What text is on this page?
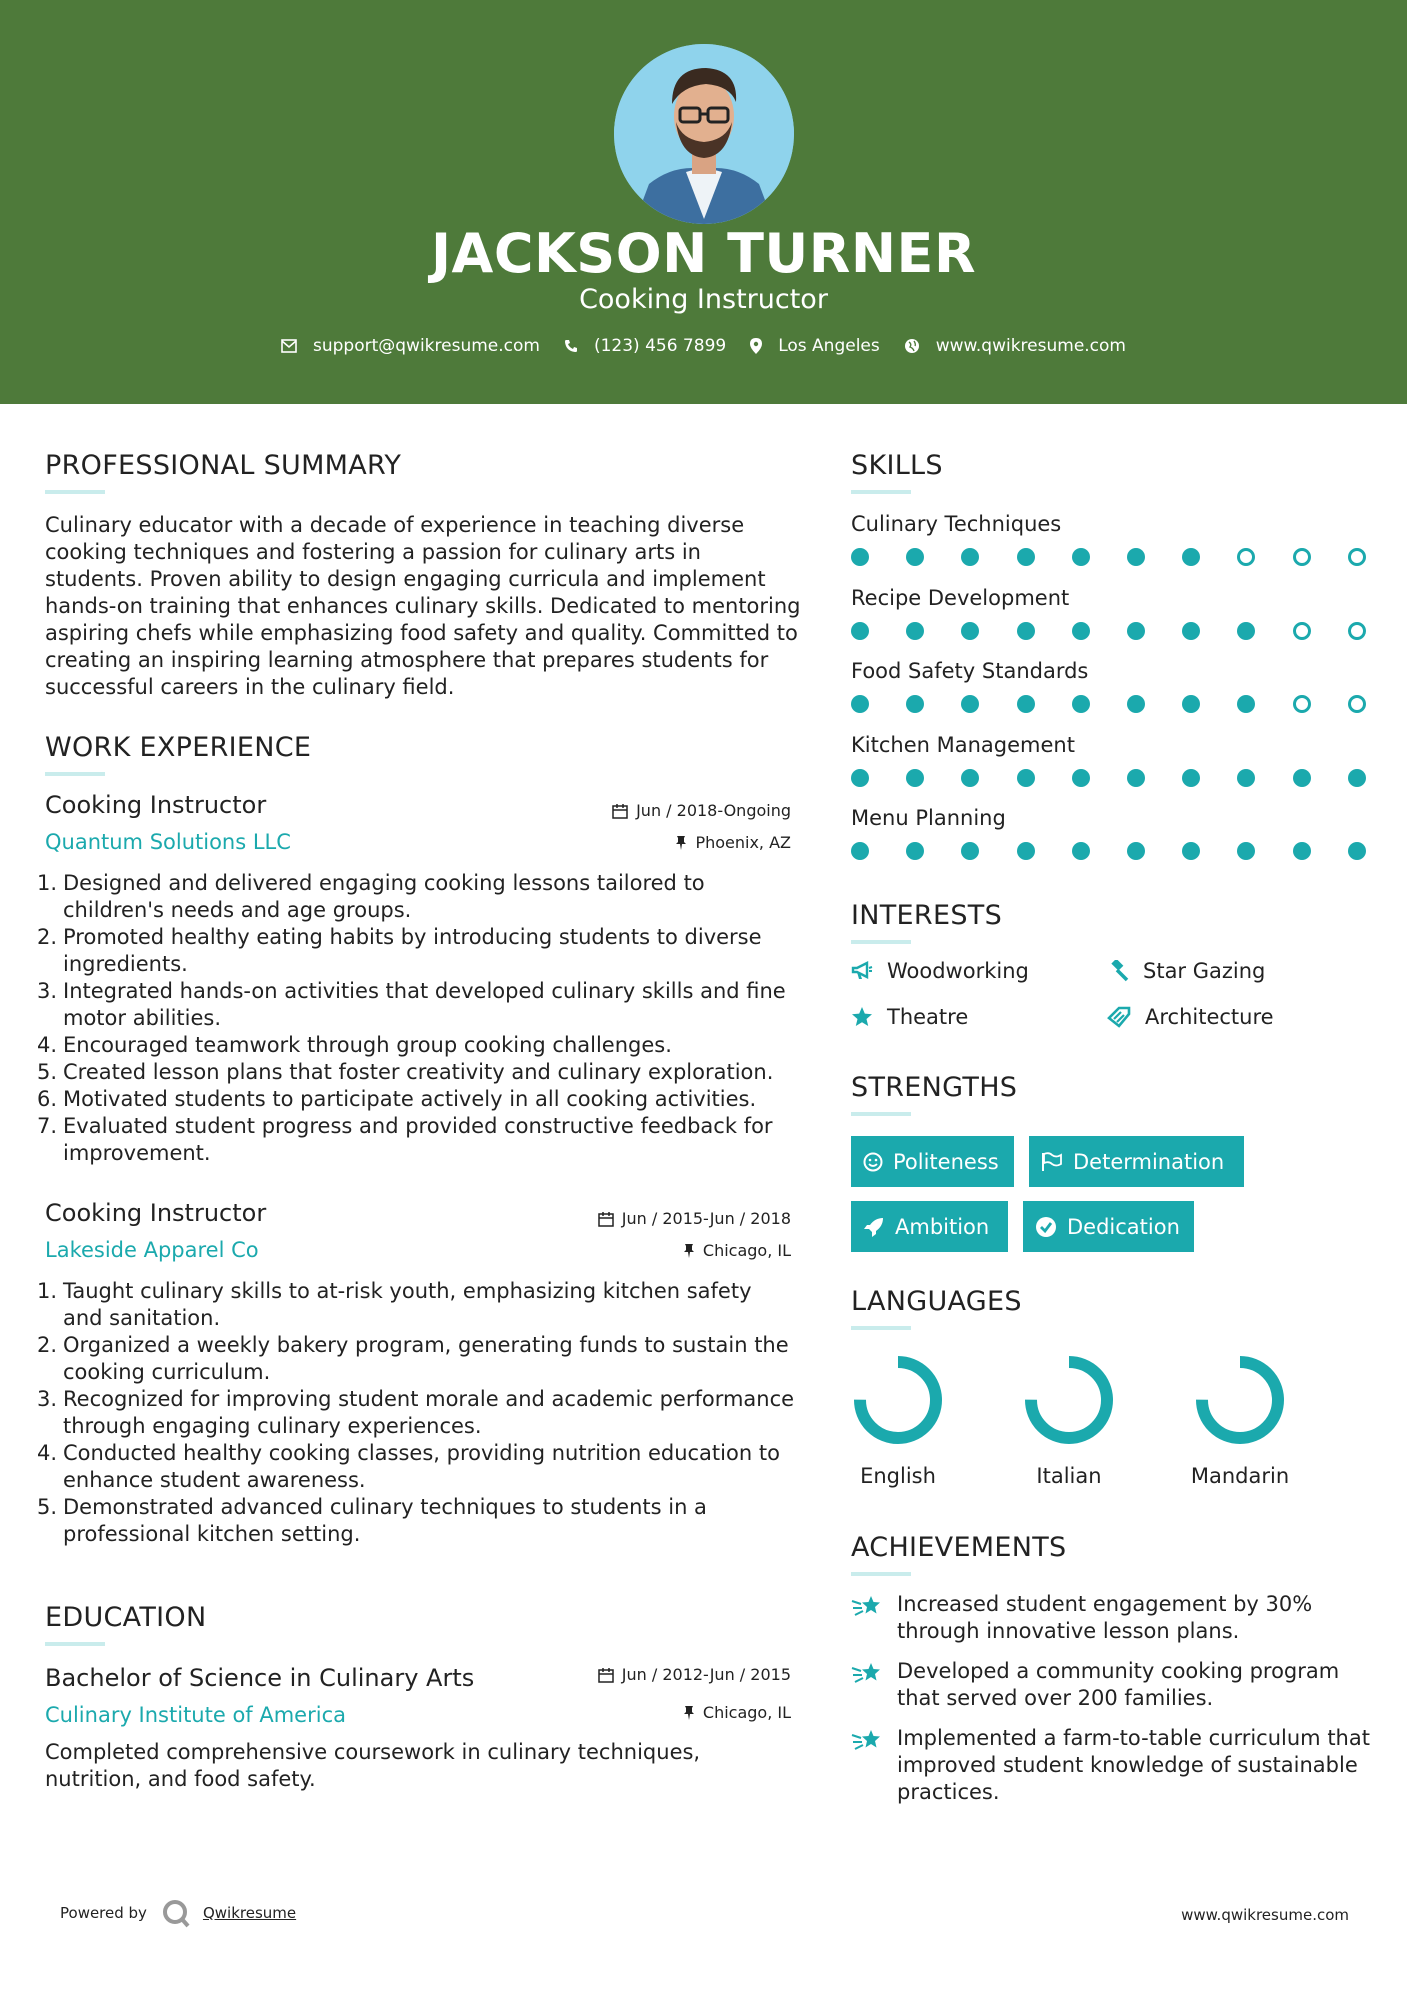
JACKSON TURNER
Cooking Instructor
support@qwikresume.com	(123) 456 7899	Los Angeles	www.qwikresume.com
PROFESSIONAL SUMMARY
Culinary educator with a decade of experience in teaching diverse cooking techniques and fostering a passion for culinary arts in students. Proven ability to design engaging curricula and implement hands-on training that enhances culinary skills. Dedicated to mentoring aspiring chefs while emphasizing food safety and quality. Committed to creating an inspiring learning atmosphere that prepares students for successful careers in the culinary field.
WORK EXPERIENCE
Cooking Instructor	Jun / 2018-Ongoing
Quantum Solutions LLC	Phoenix, AZ
1. Designed and delivered engaging cooking lessons tailored to children's needs and age groups.
2. Promoted healthy eating habits by introducing students to diverse ingredients.
3. Integrated hands-on activities that developed culinary skills and fine motor abilities.
4. Encouraged teamwork through group cooking challenges.
5. Created lesson plans that foster creativity and culinary exploration.
6. Motivated students to participate actively in all cooking activities.
7. Evaluated student progress and provided constructive feedback for improvement.
Cooking Instructor	Jun / 2015-Jun / 2018
Lakeside Apparel Co	Chicago, IL
1. Taught culinary skills to at-risk youth, emphasizing kitchen safety and sanitation.
2. Organized a weekly bakery program, generating funds to sustain the cooking curriculum.
3. Recognized for improving student morale and academic performance through engaging culinary experiences.
4. Conducted healthy cooking classes, providing nutrition education to enhance student awareness.
5. Demonstrated advanced culinary techniques to students in a professional kitchen setting.
EDUCATION
Bachelor of Science in Culinary Arts	Jun / 2012-Jun / 2015
Culinary Institute of America	Chicago, IL
Completed comprehensive coursework in culinary techniques, nutrition, and food safety.
SKILLS
Culinary Techniques
Recipe Development
Food Safety Standards
Kitchen Management
Menu Planning
INTERESTS
Woodworking	Star Gazing
Theatre	Architecture
STRENGTHS
Politeness	Determination
Ambition	Dedication
LANGUAGES
English	Italian	Mandarin
ACHIEVEMENTS
Increased student engagement by 30% through innovative lesson plans.
Developed a community cooking program that served over 200 families.
Implemented a farm-to-table curriculum that improved student knowledge of sustainable practices.
Powered by	Qwikresume	www.qwikresume.com
